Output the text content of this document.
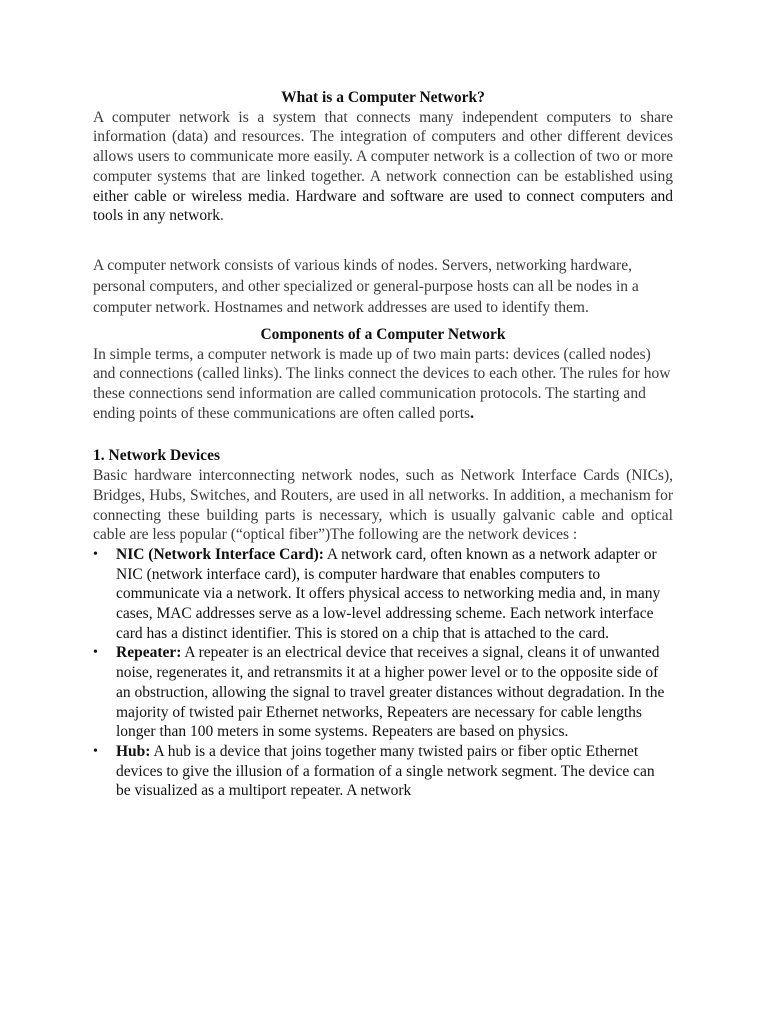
What is a Computer Network?

A computer network is a system that connects many independent computers to share information (data) and resources. The integration of computers and other different devices allows users to communicate more easily. A computer network is a collection of two or more computer systems that are linked together. A network connection can be established using either cable or wireless media. Hardware and software are used to connect computers and tools in any network.

A computer network consists of various kinds of nodes. Servers, networking hardware, personal computers, and other specialized or general-purpose hosts can all be nodes in a computer network. Hostnames and network addresses are used to identify them.

Components of a Computer Network

In simple terms, a computer network is made up of two main parts: devices (called nodes) and connections (called links). The links connect the devices to each other. The rules for how these connections send information are called communication protocols. The starting and ending points of these communications are often called ports.

1. Network Devices

Basic hardware interconnecting network nodes, such as Network Interface Cards (NICs), Bridges, Hubs, Switches, and Routers, are used in all networks. In addition, a mechanism for connecting these building parts is necessary, which is usually galvanic cable and optical cable are less popular (“optical fiber”)The following are the network devices :

• NIC (Network Interface Card): A network card, often known as a network adapter or NIC (network interface card), is computer hardware that enables computers to communicate via a network. It offers physical access to networking media and, in many cases, MAC addresses serve as a low-level addressing scheme. Each network interface card has a distinct identifier. This is stored on a chip that is attached to the card.
• Repeater: A repeater is an electrical device that receives a signal, cleans it of unwanted noise, regenerates it, and retransmits it at a higher power level or to the opposite side of an obstruction, allowing the signal to travel greater distances without degradation. In the majority of twisted pair Ethernet networks, Repeaters are necessary for cable lengths longer than 100 meters in some systems. Repeaters are based on physics.
• Hub: A hub is a device that joins together many twisted pairs or fiber optic Ethernet devices to give the illusion of a formation of a single network segment. The device can be visualized as a multiport repeater. A network
